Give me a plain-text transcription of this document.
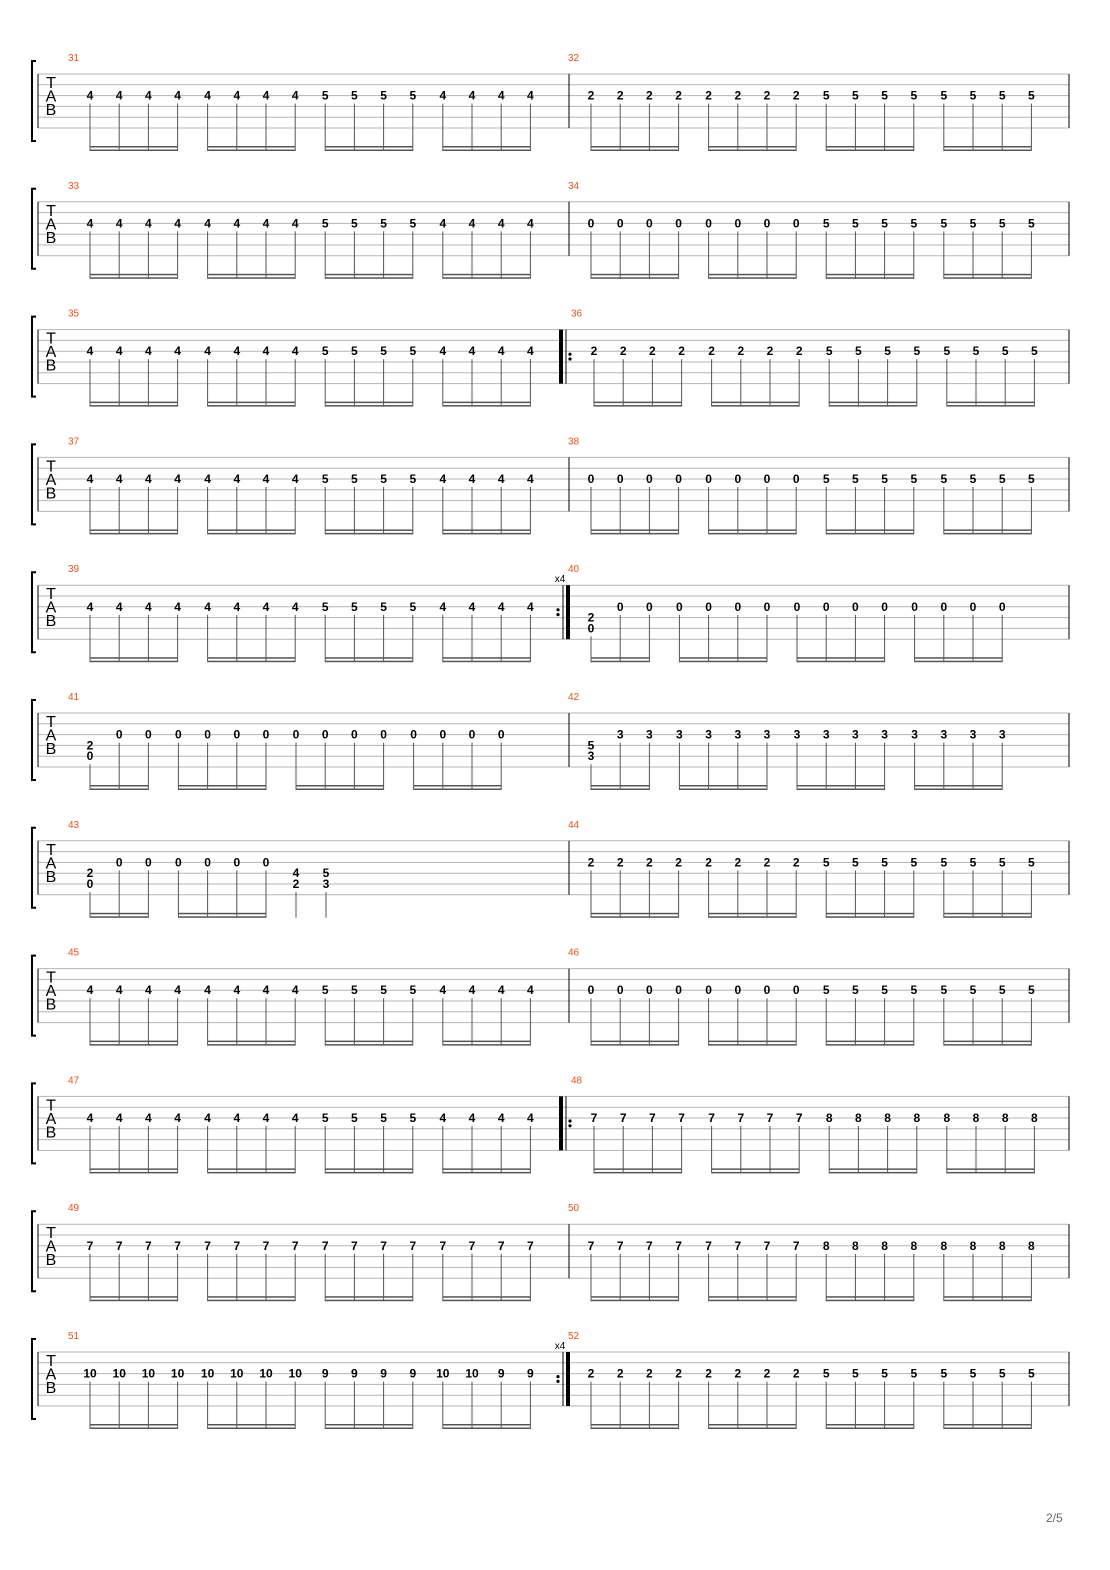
T
A
B
31
4 4 4 4 4 4 4 4 5 5 5 5 4 4 4 4
32
2 2 2 2 2 2 2 2 5 5 5 5 5 5 5 5
T
A
B
33
4 4 4 4 4 4 4 4 5 5 5 5 4 4 4 4
34
0 0 0 0 0 0 0 0 5 5 5 5 5 5 5 5
T
A
B
35
4 4 4 4 4 4 4 4 5 5 5 5 4 4 4 4
36
2 2 2 2 2 2 2 2 5 5 5 5 5 5 5 5
T
A
B
37
4 4 4 4 4 4 4 4 5 5 5 5 4 4 4 4
38
0 0 0 0 0 0 0 0 5 5 5 5 5 5 5 5
T
A
B
x4
39
4 4 4 4 4 4 4 4 5 5 5 5 4 4 4 4
40
2
0
0 0 0 0 0 0 0 0 0 0 0 0 0 0
T
A
B
41
2
0
0 0 0 0 0 0 0 0 0 0 0 0 0 0
42
5
3
3 3 3 3 3 3 3 3 3 3 3 3 3 3
T
A
B
43
2
0
0 0 0 0 0 0
4
2
5
3
44
2 2 2 2 2 2 2 2 5 5 5 5 5 5 5 5
T
A
B
45
4 4 4 4 4 4 4 4 5 5 5 5 4 4 4 4
46
0 0 0 0 0 0 0 0 5 5 5 5 5 5 5 5
T
A
B
47
4 4 4 4 4 4 4 4 5 5 5 5 4 4 4 4
48
7 7 7 7 7 7 7 7 8 8 8 8 8 8 8 8
T
A
B
49
7 7 7 7 7 7 7 7 7 7 7 7 7 7 7 7
50
7 7 7 7 7 7 7 7 8 8 8 8 8 8 8 8
T
A
B
x4
51
10 10 10 10 10 10 10 10 9 9 9 9 10 10 9 9
52
2 2 2 2 2 2 2 2 5 5 5 5 5 5 5 5
2/5
